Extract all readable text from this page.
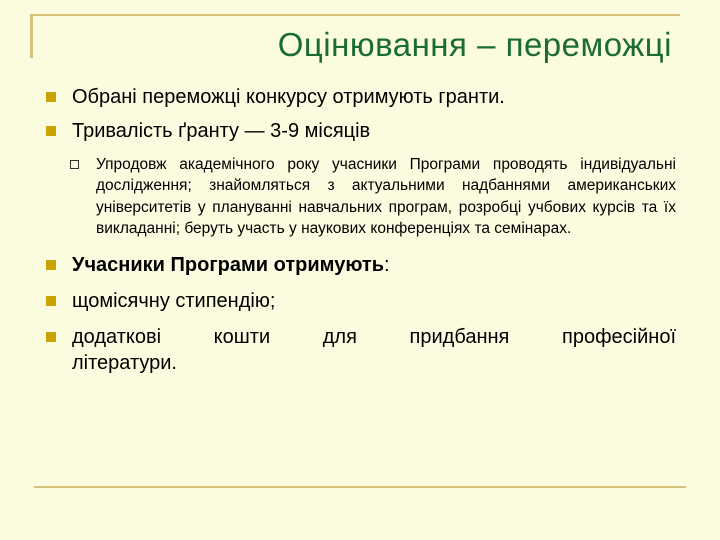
Оцінювання – переможці
Обрані переможці конкурсу отримують гранти.
Тривалість ґранту — 3-9 місяців
Упродовж академічного року учасники Програми проводять індивідуальні дослідження; знайомляться з актуальними надбаннями американських університетів у плануванні навчальних програм, розробці учбових курсів та їх викладанні; беруть участь у наукових конференціях та семінарах.
Учасники Програми отримують:
щомісячну стипендію;
додаткові кошти для придбання професійної
літератури.
